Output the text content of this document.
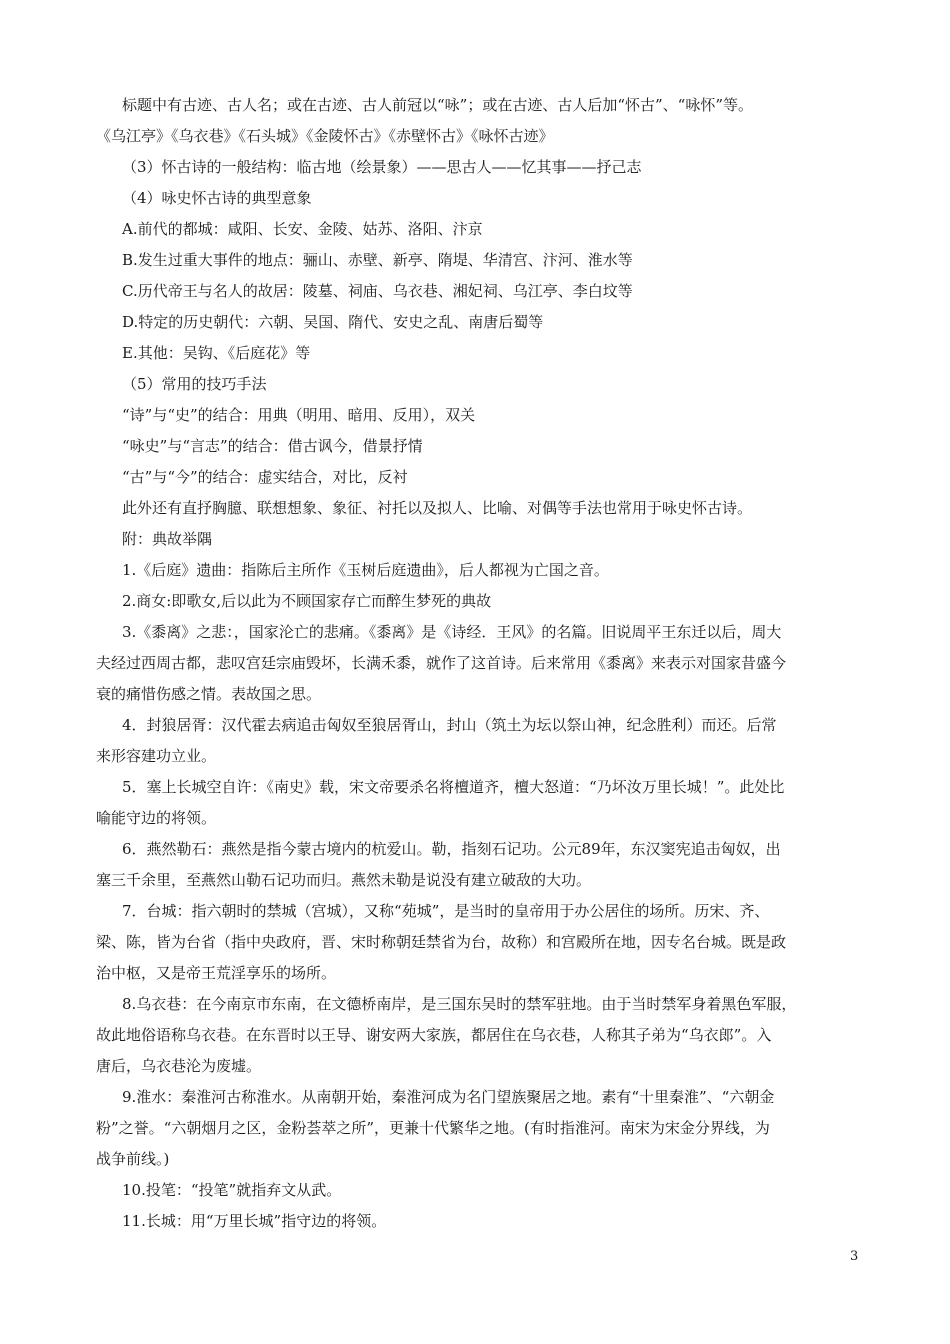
标题中有古迹、古人名；或在古迹、古人前冠以“咏”；或在古迹、古人后加“怀古”、“咏怀”等。
《乌江亭》《乌衣巷》《石头城》《金陵怀古》《赤壁怀古》《咏怀古迹》
（3）怀古诗的一般结构：临古地（绘景象）——思古人——忆其事——抒己志
（4）咏史怀古诗的典型意象
A.前代的都城：咸阳、长安、金陵、姑苏、洛阳、汴京
B.发生过重大事件的地点：骊山、赤壁、新亭、隋堤、华清宫、汴河、淮水等
C.历代帝王与名人的故居：陵墓、祠庙、乌衣巷、湘妃祠、乌江亭、李白坟等
D.特定的历史朝代：六朝、吴国、隋代、安史之乱、南唐后蜀等
E.其他：吴钩、《后庭花》等
（5）常用的技巧手法
“诗”与“史”的结合：用典（明用、暗用、反用），双关
“咏史”与“言志”的结合：借古讽今，借景抒情
“古”与“今”的结合：虚实结合，对比，反衬
此外还有直抒胸臆、联想想象、象征、衬托以及拟人、比喻、对偶等手法也常用于咏史怀古诗。
附：典故举隅
1.《后庭》遗曲：指陈后主所作《玉树后庭遗曲》，后人都视为亡国之音。
2.商女:即歌女,后以此为不顾国家存亡而醉生梦死的典故
3.《黍离》之悲：，国家沦亡的悲痛。《黍离》是《诗经．王风》的名篇。旧说周平王东迁以后，周大
夫经过西周古都，悲叹宫廷宗庙毁坏，长满禾黍，就作了这首诗。后来常用《黍离》来表示对国家昔盛今
衰的痛惜伤感之情。表故国之思。
4．封狼居胥：汉代霍去病追击匈奴至狼居胥山，封山（筑土为坛以祭山神，纪念胜利）而还。后常
来形容建功立业。
5．塞上长城空自许：《南史》载，宋文帝要杀名将檀道齐，檀大怒道：“乃坏汝万里长城！”。此处比
喻能守边的将领。
6．燕然勒石：燕然是指今蒙古境内的杭爱山。勒，指刻石记功。公元89年，东汉窦宪追击匈奴，出
塞三千余里，至燕然山勒石记功而归。燕然未勒是说没有建立破敌的大功。
7．台城：指六朝时的禁城（宫城），又称“苑城”，是当时的皇帝用于办公居住的场所。历宋、齐、
梁、陈，皆为台省（指中央政府，晋、宋时称朝廷禁省为台，故称）和宫殿所在地，因专名台城。既是政
治中枢，又是帝王荒淫享乐的场所。
8.乌衣巷：在今南京市东南，在文德桥南岸，是三国东吴时的禁军驻地。由于当时禁军身着黑色军服，
故此地俗语称乌衣巷。在东晋时以王导、谢安两大家族，都居住在乌衣巷，人称其子弟为“乌衣郎”。入
唐后，乌衣巷沦为废墟。
9.淮水：秦淮河古称淮水。从南朝开始，秦淮河成为名门望族聚居之地。素有“十里秦淮”、“六朝金
粉”之誉。“六朝烟月之区，金粉荟萃之所”，更兼十代繁华之地。(有时指淮河。南宋为宋金分界线，为
战争前线。)
10.投笔：“投笔”就指弃文从武。
11.长城：用“万里长城”指守边的将领。
3
